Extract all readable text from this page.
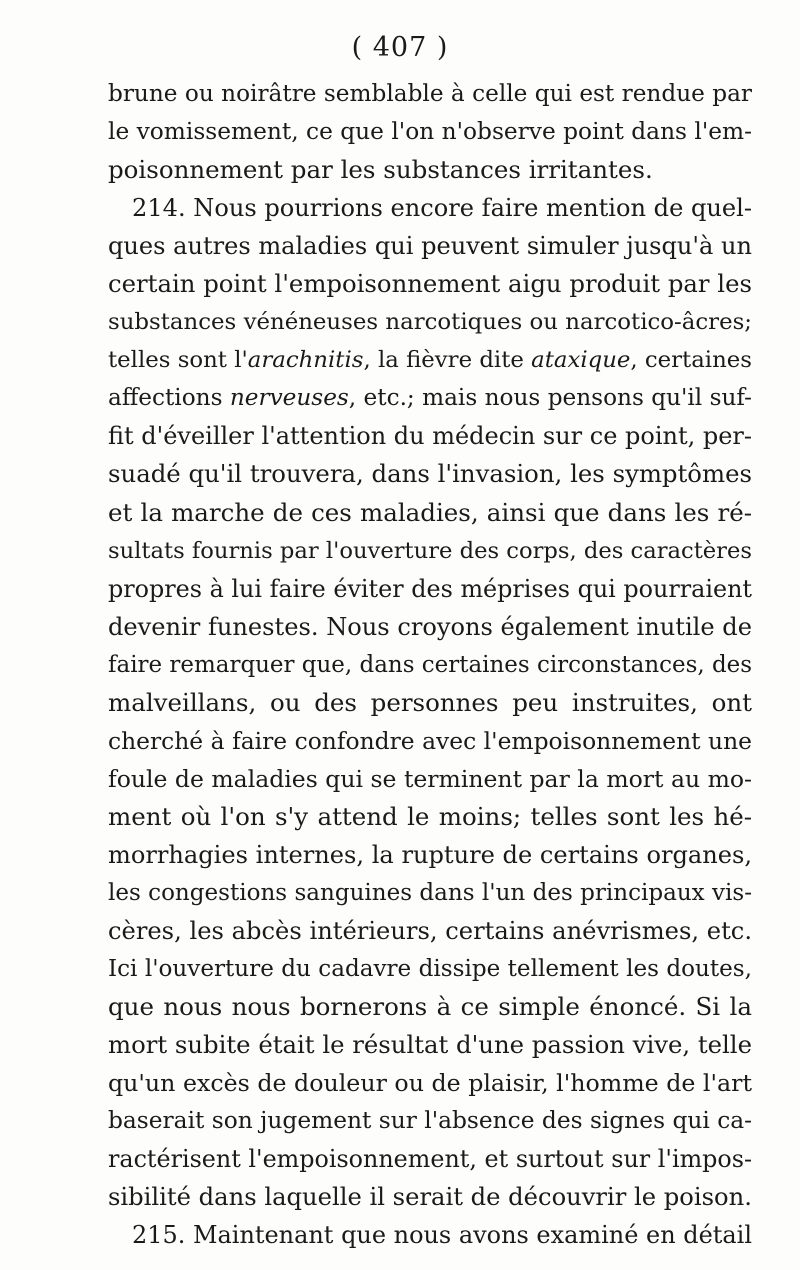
( 407 )
brune ou noirâtre semblable à celle qui est rendue par
le vomissement, ce que l'on n'observe point dans l'em-
poisonnement par les substances irritantes.
214. Nous pourrions encore faire mention de quel-
ques autres maladies qui peuvent simuler jusqu'à un
certain point l'empoisonnement aigu produit par les
substances vénéneuses narcotiques ou narcotico-âcres;
telles sont l'arachnitis, la fièvre dite ataxique, certaines
affections nerveuses, etc.; mais nous pensons qu'il suf-
fit d'éveiller l'attention du médecin sur ce point, per-
suadé qu'il trouvera, dans l'invasion, les symptômes
et la marche de ces maladies, ainsi que dans les ré-
sultats fournis par l'ouverture des corps, des caractères
propres à lui faire éviter des méprises qui pourraient
devenir funestes. Nous croyons également inutile de
faire remarquer que, dans certaines circonstances, des
malveillans, ou des personnes peu instruites, ont
cherché à faire confondre avec l'empoisonnement une
foule de maladies qui se terminent par la mort au mo-
ment où l'on s'y attend le moins; telles sont les hé-
morrhagies internes, la rupture de certains organes,
les congestions sanguines dans l'un des principaux vis-
cères, les abcès intérieurs, certains anévrismes, etc.
Ici l'ouverture du cadavre dissipe tellement les doutes,
que nous nous bornerons à ce simple énoncé. Si la
mort subite était le résultat d'une passion vive, telle
qu'un excès de douleur ou de plaisir, l'homme de l'art
baserait son jugement sur l'absence des signes qui ca-
ractérisent l'empoisonnement, et surtout sur l'impos-
sibilité dans laquelle il serait de découvrir le poison.
215. Maintenant que nous avons examiné en détail
